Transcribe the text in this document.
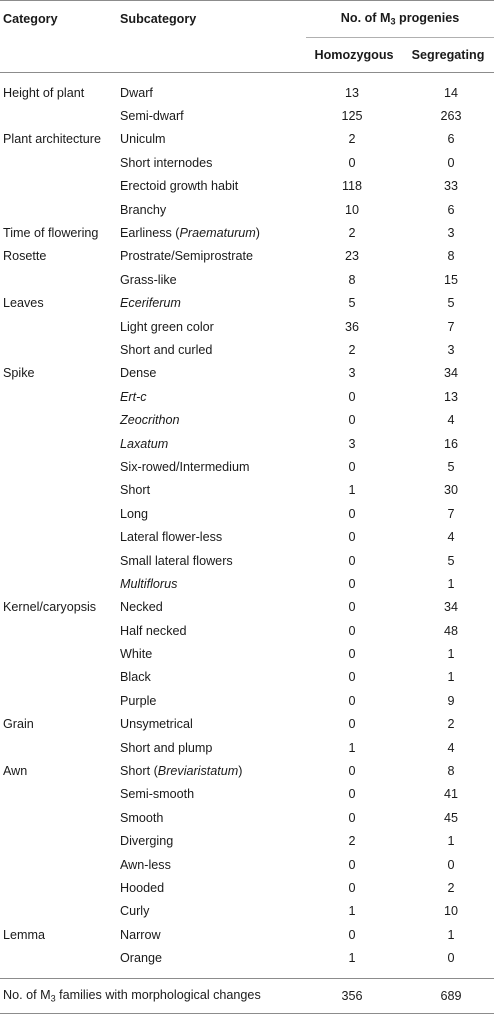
Category	Subcategory	No. of $M_3$ progenies	
		Homozygous	Segregating

Height of plant	Dwarf	13	14
	Semi-dwarf	125	263
Plant architecture	Uniculm	2	6
	Short internodes	0	0
	Erectoid growth habit	118	33
	Branchy	10	6
Time of flowering	Earliness (Praematurum)	2	3
Rosette	Prostrate/Semiprostrate	23	8
	Grass-like	8	15
Leaves	Eceriferum	5	5
	Light green color	36	7
	Short and curled	2	3
Spike	Dense	3	34
	Ert-c	0	13
	Zeocrithon	0	4
	Laxatum	3	16
	Six-rowed/Intermedium	0	5
	Short	1	30
	Long	0	7
	Lateral flower-less	0	4
	Small lateral flowers	0	5
	Multiflorus	0	1
Kernel/caryopsis	Necked	0	34
	Half necked	0	48
	White	0	1
	Black	0	1
	Purple	0	9
Grain	Unsymetrical	0	2
	Short and plump	1	4
Awn	Short (Breviaristatum)	0	8
	Semi-smooth	0	41
	Smooth	0	45
	Diverging	2	1
	Awn-less	0	0
	Hooded	0	2
	Curly	1	10
Lemma	Narrow	0	1
	Orange	1	0

No. of $M_3$ families with morphological changes		356	689
